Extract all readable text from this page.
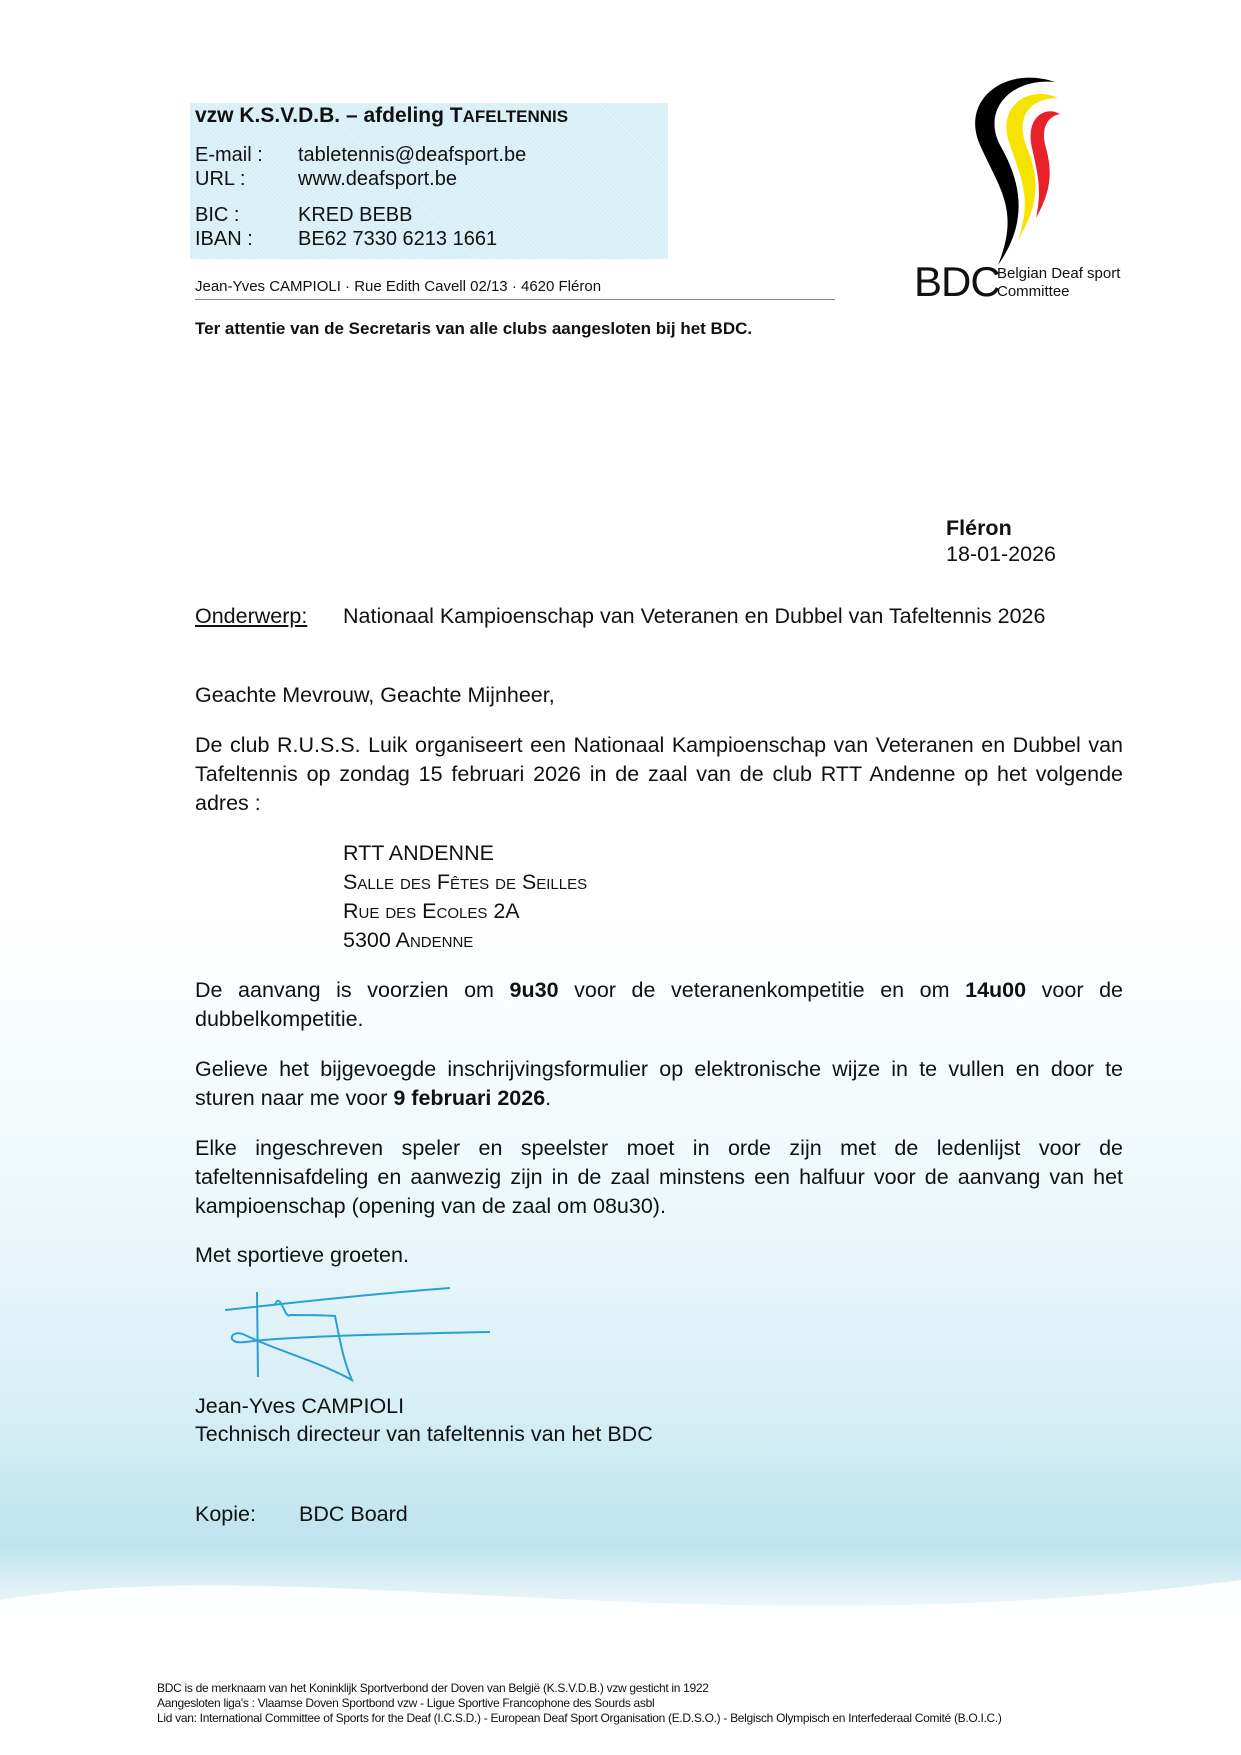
vzw K.S.V.D.B. – afdeling TAFELTENNIS
E-mail : tabletennis@deafsport.be
URL :	www.deafsport.be
BIC :	KRED BEBB
IBAN : BE62 7330 6213 1661
Jean-Yves CAMPIOLI · Rue Edith Cavell 02/13 · 4620 Fléron
Ter attentie van de Secretaris van alle clubs aangesloten bij het BDC.
BDC
Belgian Deaf sport
Committee
Fléron
18-01-2026
Onderwerp: Nationaal Kampioenschap van Veteranen en Dubbel van Tafeltennis 2026
Geachte Mevrouw, Geachte Mijnheer,
De club R.U.S.S. Luik organiseert een Nationaal Kampioenschap van Veteranen en Dubbel van Tafeltennis op zondag 15 februari 2026 in de zaal van de club RTT Andenne op het volgende adres :
RTT ANDENNE
Salle des Fêtes de Seilles
Rue des Ecoles 2A
5300 Andenne
De aanvang is voorzien om 9u30 voor de veteranenkompetitie en om 14u00 voor de dubbelkompetitie.
Gelieve het bijgevoegde inschrijvingsformulier op elektronische wijze in te vullen en door te sturen naar me voor 9 februari 2026.
Elke ingeschreven speler en speelster moet in orde zijn met de ledenlijst voor de tafeltennisafdeling en aanwezig zijn in de zaal minstens een halfuur voor de aanvang van het kampioenschap (opening van de zaal om 08u30).
Met sportieve groeten.
Jean-Yves CAMPIOLI
Technisch directeur van tafeltennis van het BDC
Kopie: BDC Board
BDC is de merknaam van het Koninklijk Sportverbond der Doven van België (K.S.V.D.B.) vzw gesticht in 1922
Aangesloten liga's : Vlaamse Doven Sportbond vzw - Ligue Sportive Francophone des Sourds asbl
Lid van: International Committee of Sports for the Deaf (I.C.S.D.) - European Deaf Sport Organisation (E.D.S.O.) - Belgisch Olympisch en Interfederaal Comité (B.O.I.C.)
